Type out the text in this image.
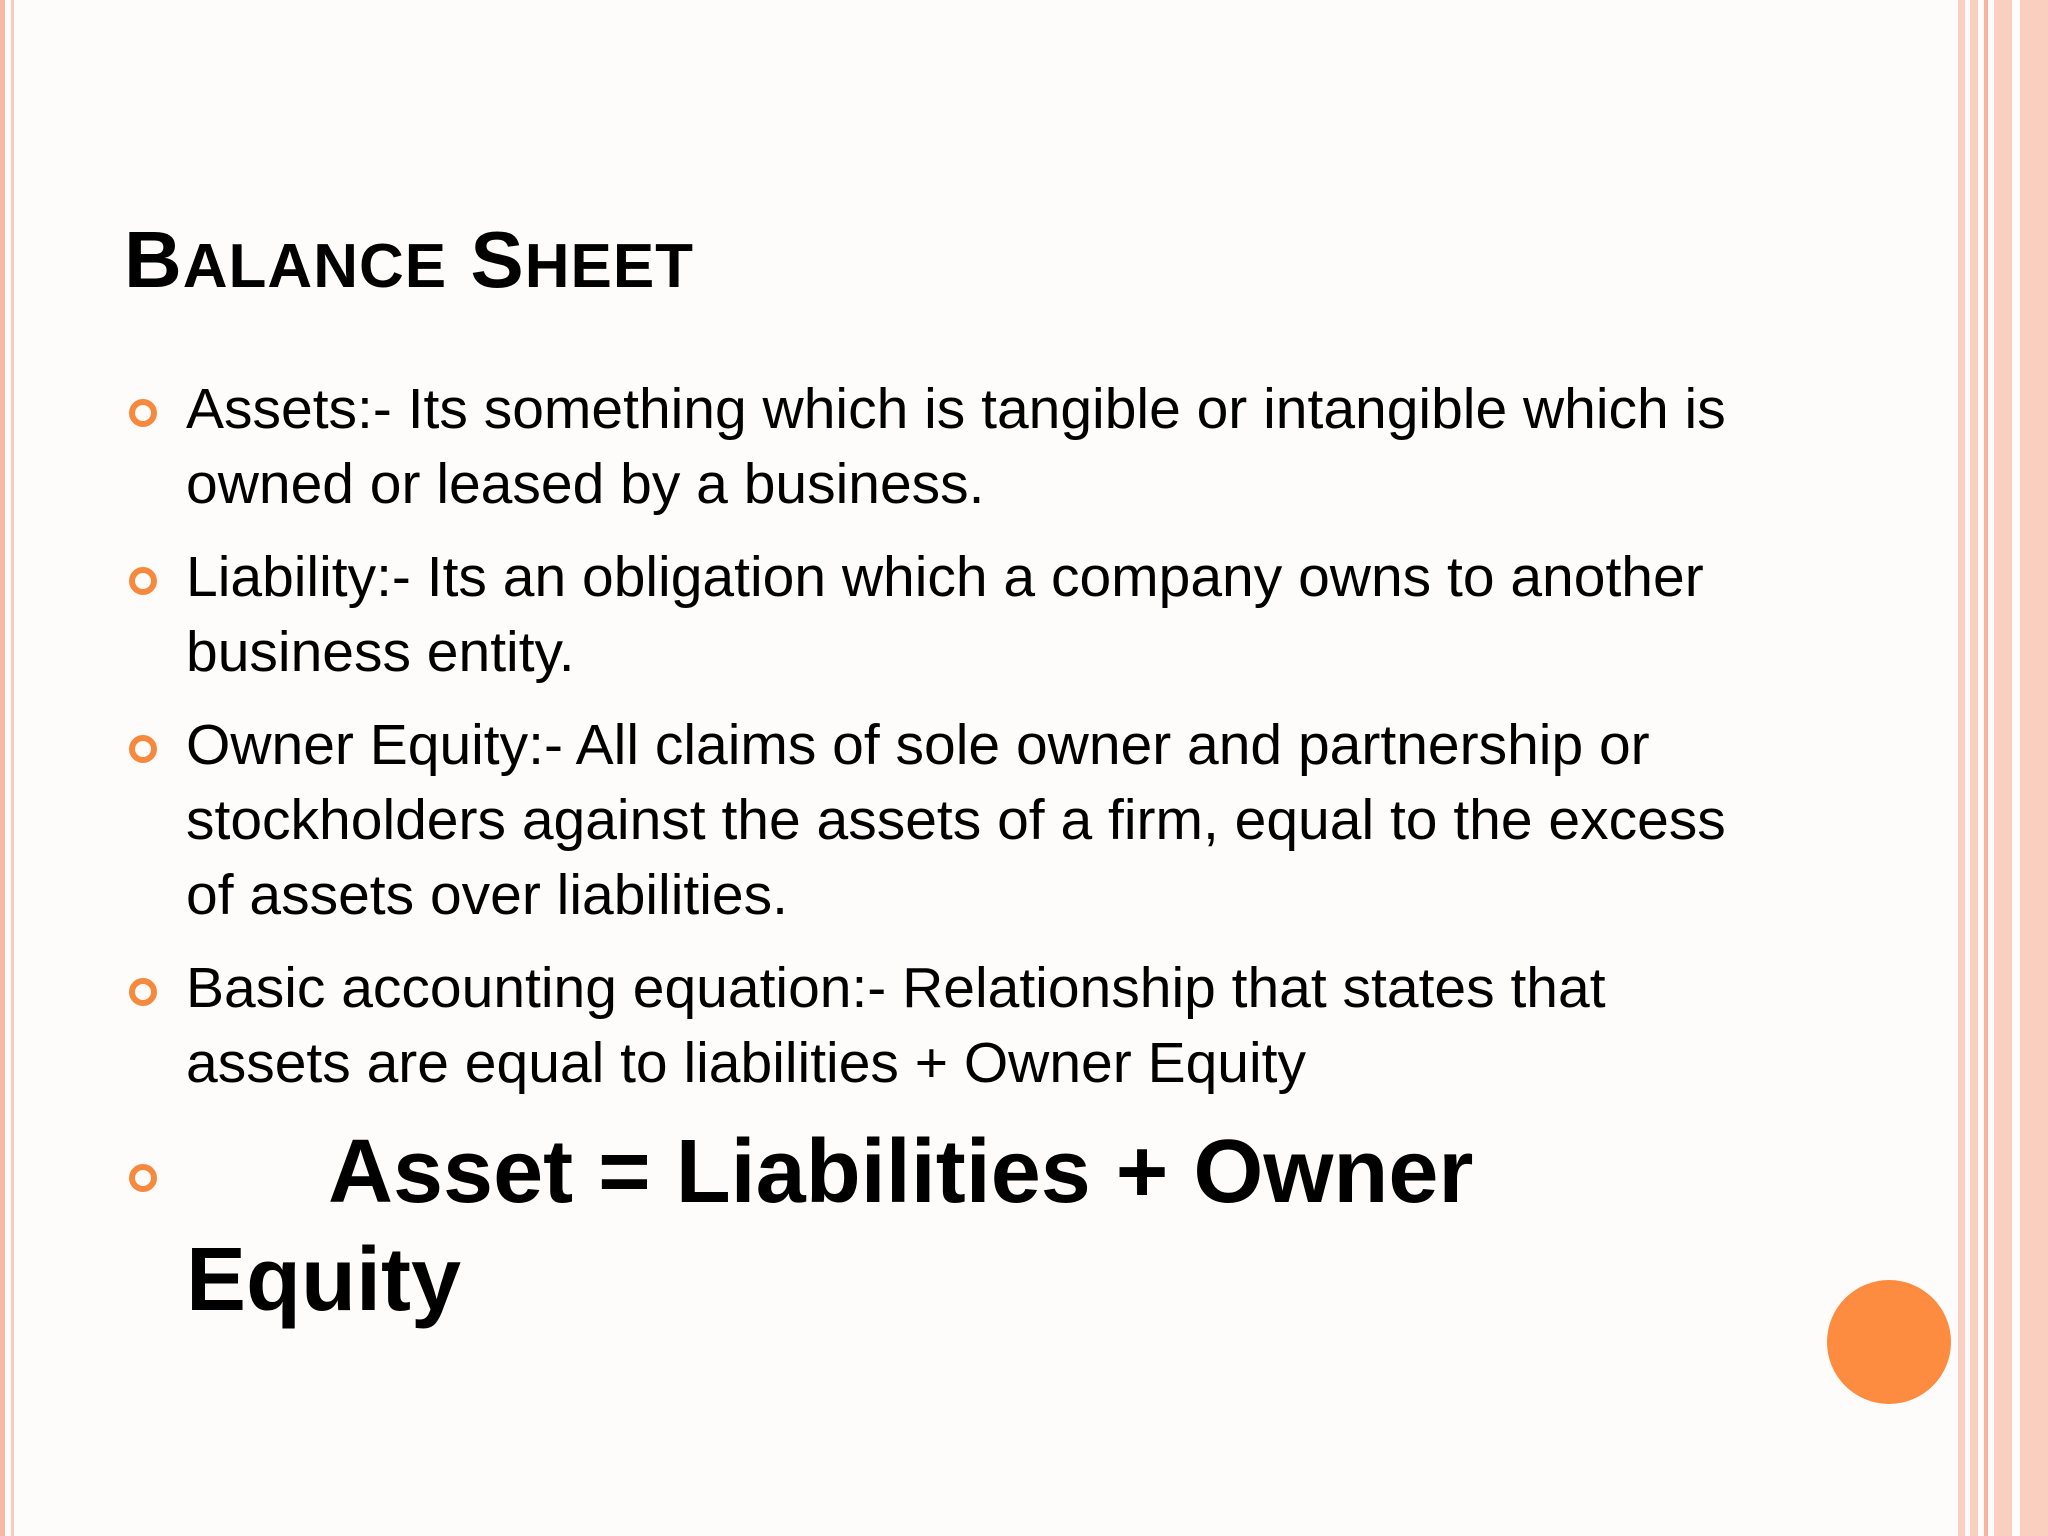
BALANCE SHEET
Assets:- Its something which is tangible or intangible which is owned or leased by a business.
Liability:- Its an obligation which a company owns to another business entity.
Owner Equity:- All claims of sole owner and partnership or stockholders against the assets of a firm, equal to the excess of assets over liabilities.
Basic accounting equation:- Relationship that states that assets are equal to liabilities + Owner Equity
Asset = Liabilities + Owner
Equity
